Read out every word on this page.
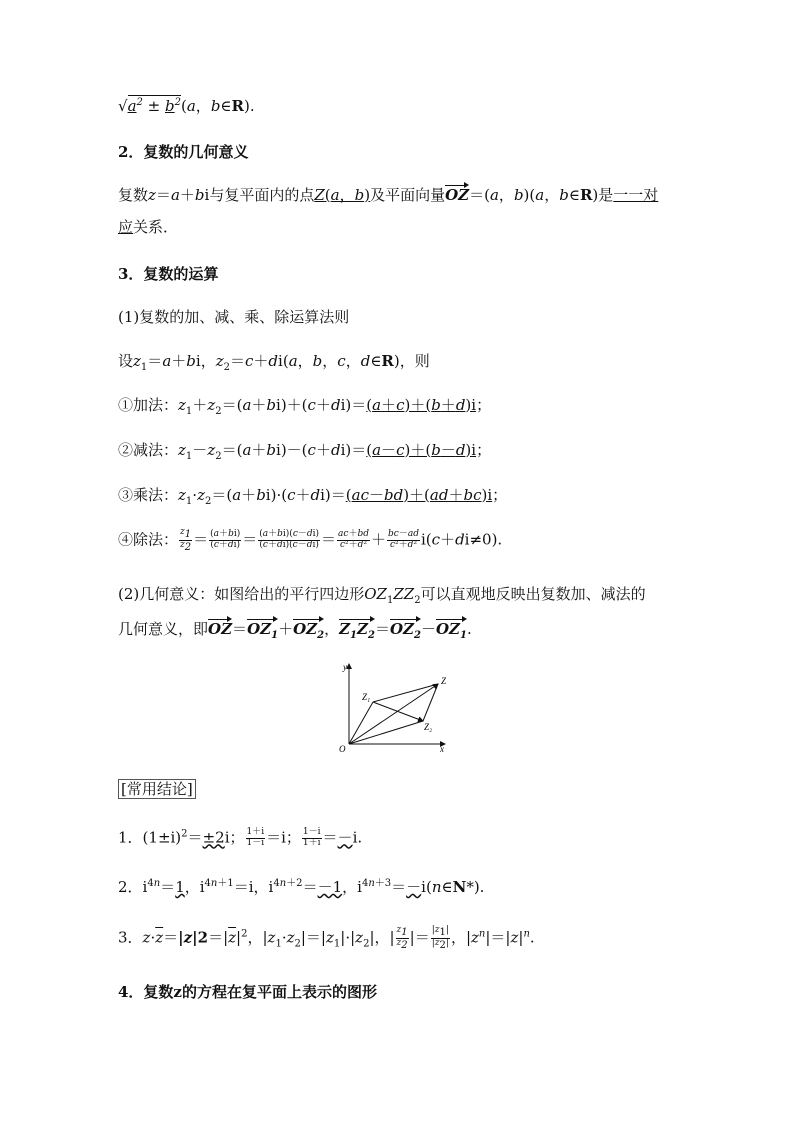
$√a^2 \pm b^2(a$，b∈R).
2．复数的几何意义
复数z＝a＋bi与复平面内的点Z(a，b)及平面向量OZ＝(a，b)(a，b∈R)是一一对
应关系．
3．复数的运算
(1)复数的加、减、乘、除运算法则
设$z_1=a+bi$，$z_2=c+di(a$，b，c，d∈R)，则
①加法：$z_1+z_2=(a+bi)+(c+di)=(a+c)+(b+d)i$；
②减法：$z_1-z_2=(a+bi)-(c+di)=(a-c)+(b-d)i$；
③乘法：$z_1\cdot z_2=(a+bi)\cdot(c+di)=(ac-bd)+(ad+bc)i$；
④除法： $\frac{z_1}{z_2} = \frac{(a+bi)}{(c+di)} = \frac{(a+bi)(c-di)}{(c+di)(c-di)} = \frac{ac+bd}{\text{c²＋d²}} + \frac{bc-ad}{\text{c²＋d²}} i(c+di\ne 0)$.
(2)几何意义：如图给出的平行四边形$OZ_1ZZ_2$可以直观地反映出复数加、减法的
几何意义，即$OZ=OZ_1+OZ_2$，$Z_1Z_2=OZ_2-OZ_1$.
y
x
O
Z
Z₁
Z₂
[常用结论]
1．$(1\pm i)^2=\pm 2i$； $\frac{1+i}{1-i} =i$； $\frac{1-i}{1+i} =-i$.
2．$i^{4n}=1$，$i^{4n+1}=i$，$i^{4n+2}=-1$，$i^{4n+3}=-i(n\in N*)$.
3．$z\cdot\overline{z}=|z|2=|\overline{z}|^2$，$|z_1\cdot z_2|=|z_1|\cdot|z_2|$，| $\frac{z_1}{z_2}$ |＝ $\frac{|z_1|}{|z_2|}$ ，$|z^n|=|z|^n$.
4．复数z的方程在复平面上表示的图形
